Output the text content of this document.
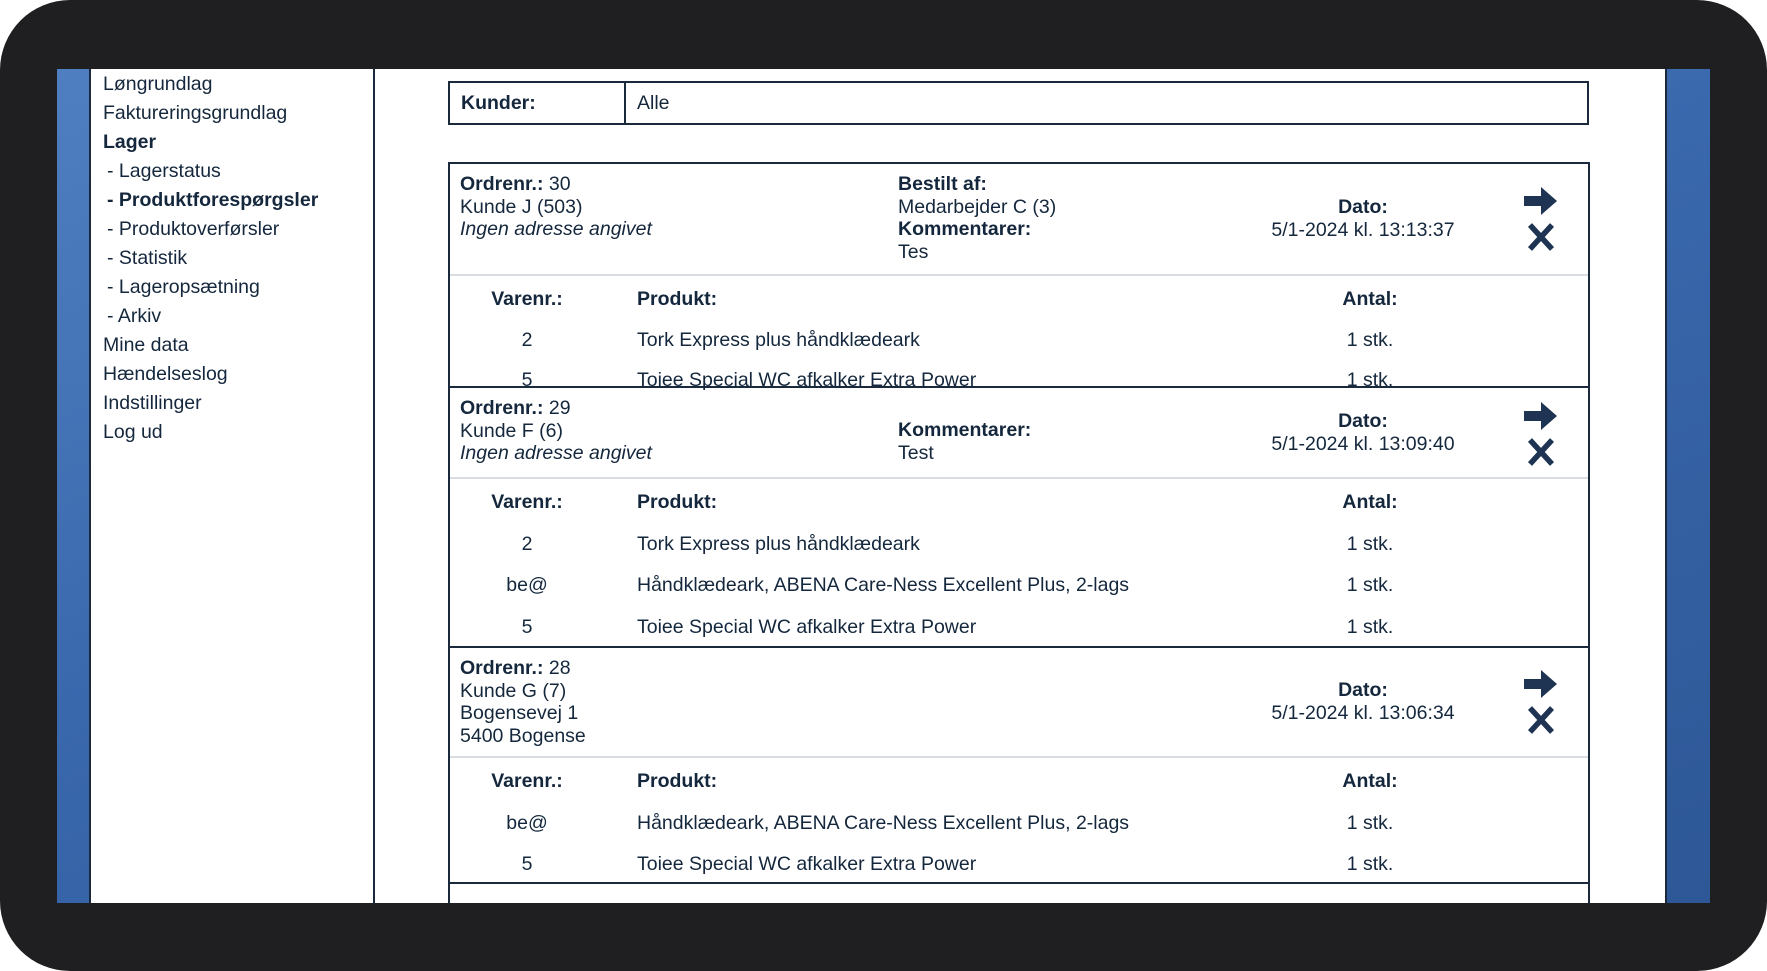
Løngrundlag
Faktureringsgrundlag
Lager
- Lagerstatus
- Produktforespørgsler
- Produktoverførsler
- Statistik
- Lageropsætning
- Arkiv
Mine data
Hændelseslog
Indstillinger
Log ud
Kunder:	Alle
Ordrenr.: 30
Kunde J (503)
Ingen adresse angivet
Bestilt af:
Medarbejder C (3)
Kommentarer:
Tes
Dato:
5/1-2024 kl. 13:13:37
Varenr.:	Produkt:	Antal:
2	Tork Express plus håndklædeark	1 stk.
5	Toiee Special WC afkalker Extra Power	1 stk.
Ordrenr.: 29
Kunde F (6)
Ingen adresse angivet
Kommentarer:
Test
Dato:
5/1-2024 kl. 13:09:40
Varenr.:	Produkt:	Antal:
2	Tork Express plus håndklædeark	1 stk.
be@	Håndklædeark, ABENA Care-Ness Excellent Plus, 2-lags	1 stk.
5	Toiee Special WC afkalker Extra Power	1 stk.
Ordrenr.: 28
Kunde G (7)
Bogensevej 1
5400 Bogense
Dato:
5/1-2024 kl. 13:06:34
Varenr.:	Produkt:	Antal:
be@	Håndklædeark, ABENA Care-Ness Excellent Plus, 2-lags	1 stk.
5	Toiee Special WC afkalker Extra Power	1 stk.
